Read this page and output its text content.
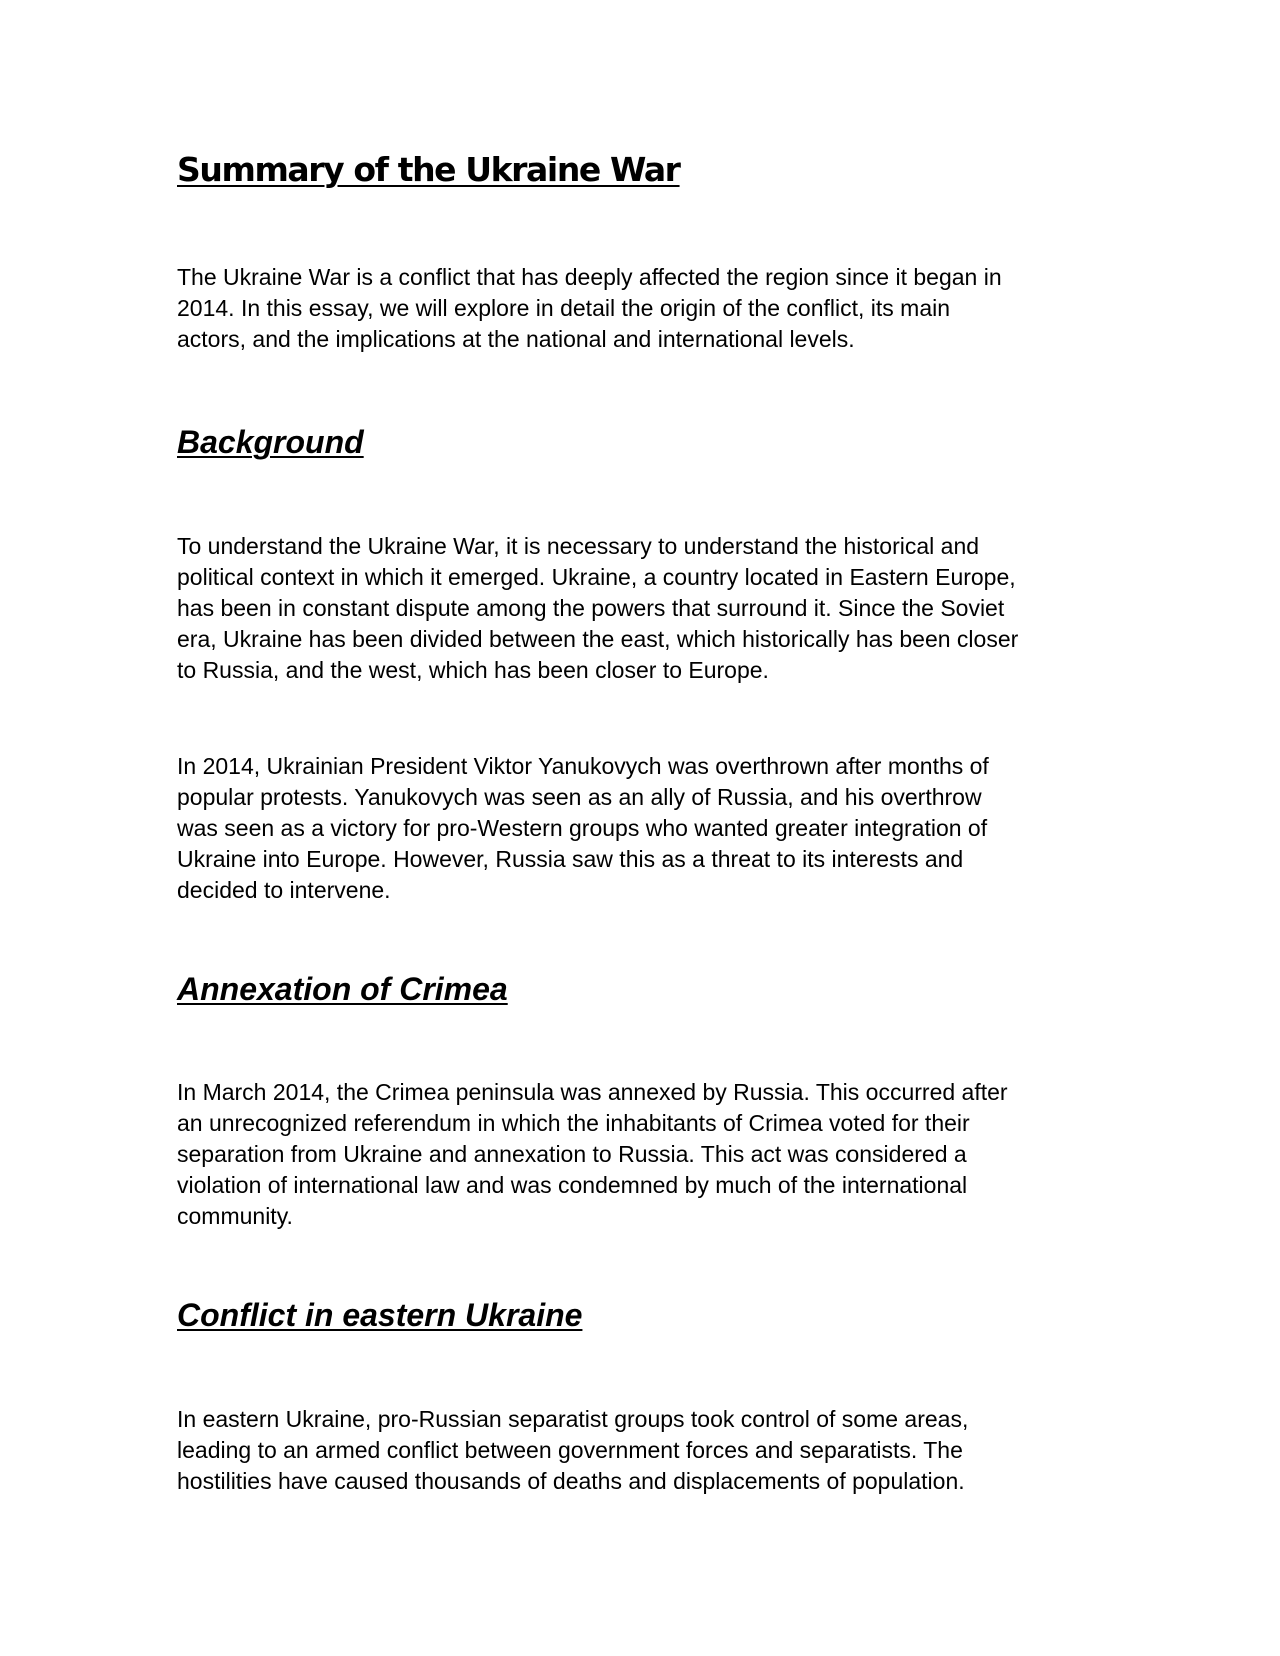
Summary of the Ukraine War

The Ukraine War is a conflict that has deeply affected the region since it began in
2014. In this essay, we will explore in detail the origin of the conflict, its main
actors, and the implications at the national and international levels.

Background

To understand the Ukraine War, it is necessary to understand the historical and
political context in which it emerged. Ukraine, a country located in Eastern Europe,
has been in constant dispute among the powers that surround it. Since the Soviet
era, Ukraine has been divided between the east, which historically has been closer
to Russia, and the west, which has been closer to Europe.

In 2014, Ukrainian President Viktor Yanukovych was overthrown after months of
popular protests. Yanukovych was seen as an ally of Russia, and his overthrow
was seen as a victory for pro-Western groups who wanted greater integration of
Ukraine into Europe. However, Russia saw this as a threat to its interests and
decided to intervene.

Annexation of Crimea

In March 2014, the Crimea peninsula was annexed by Russia. This occurred after
an unrecognized referendum in which the inhabitants of Crimea voted for their
separation from Ukraine and annexation to Russia. This act was considered a
violation of international law and was condemned by much of the international
community.

Conflict in eastern Ukraine

In eastern Ukraine, pro-Russian separatist groups took control of some areas,
leading to an armed conflict between government forces and separatists. The
hostilities have caused thousands of deaths and displacements of population.
